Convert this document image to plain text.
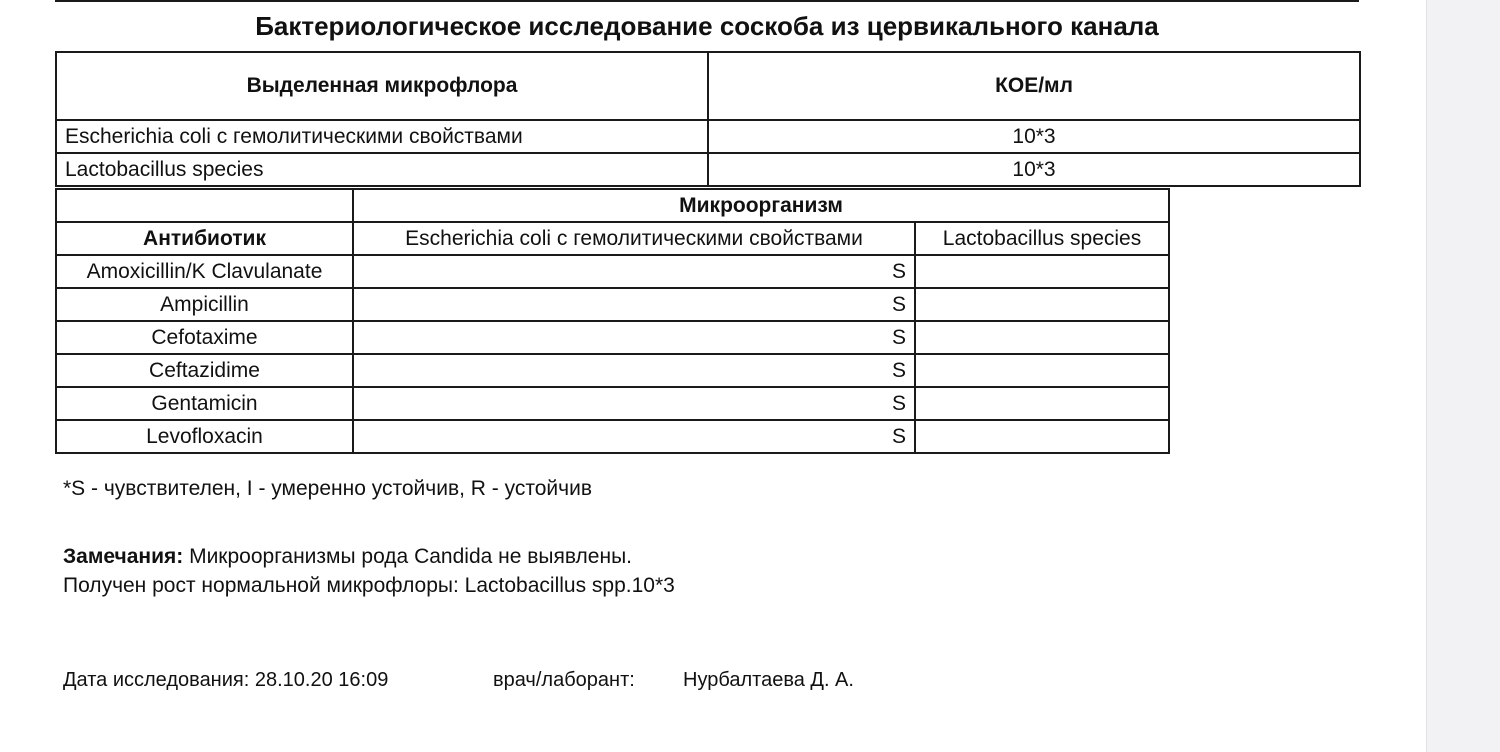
Бактериологическое исследование соскоба из цервикального канала
Выделенная микрофлора	КОЕ/мл
Escherichia coli с гемолитическими свойствами	10*3
Lactobacillus species	10*3
	Микроорганизм	
Антибиотик	Escherichia coli с гемолитическими свойствами	Lactobacillus species
Amoxicillin/K Clavulanate	S	
Ampicillin	S	
Cefotaxime	S	
Ceftazidime	S	
Gentamicin	S	
Levofloxacin	S	
*S - чувствителен, I - умеренно устойчив, R - устойчив
Замечания: Микроорганизмы рода Candida не выявлены.
Получен рост нормальной микрофлоры: Lactobacillus spp.10*3
Дата исследования: 28.10.20 16:09	врач/лаборант: Нурбалтаева Д. А.
